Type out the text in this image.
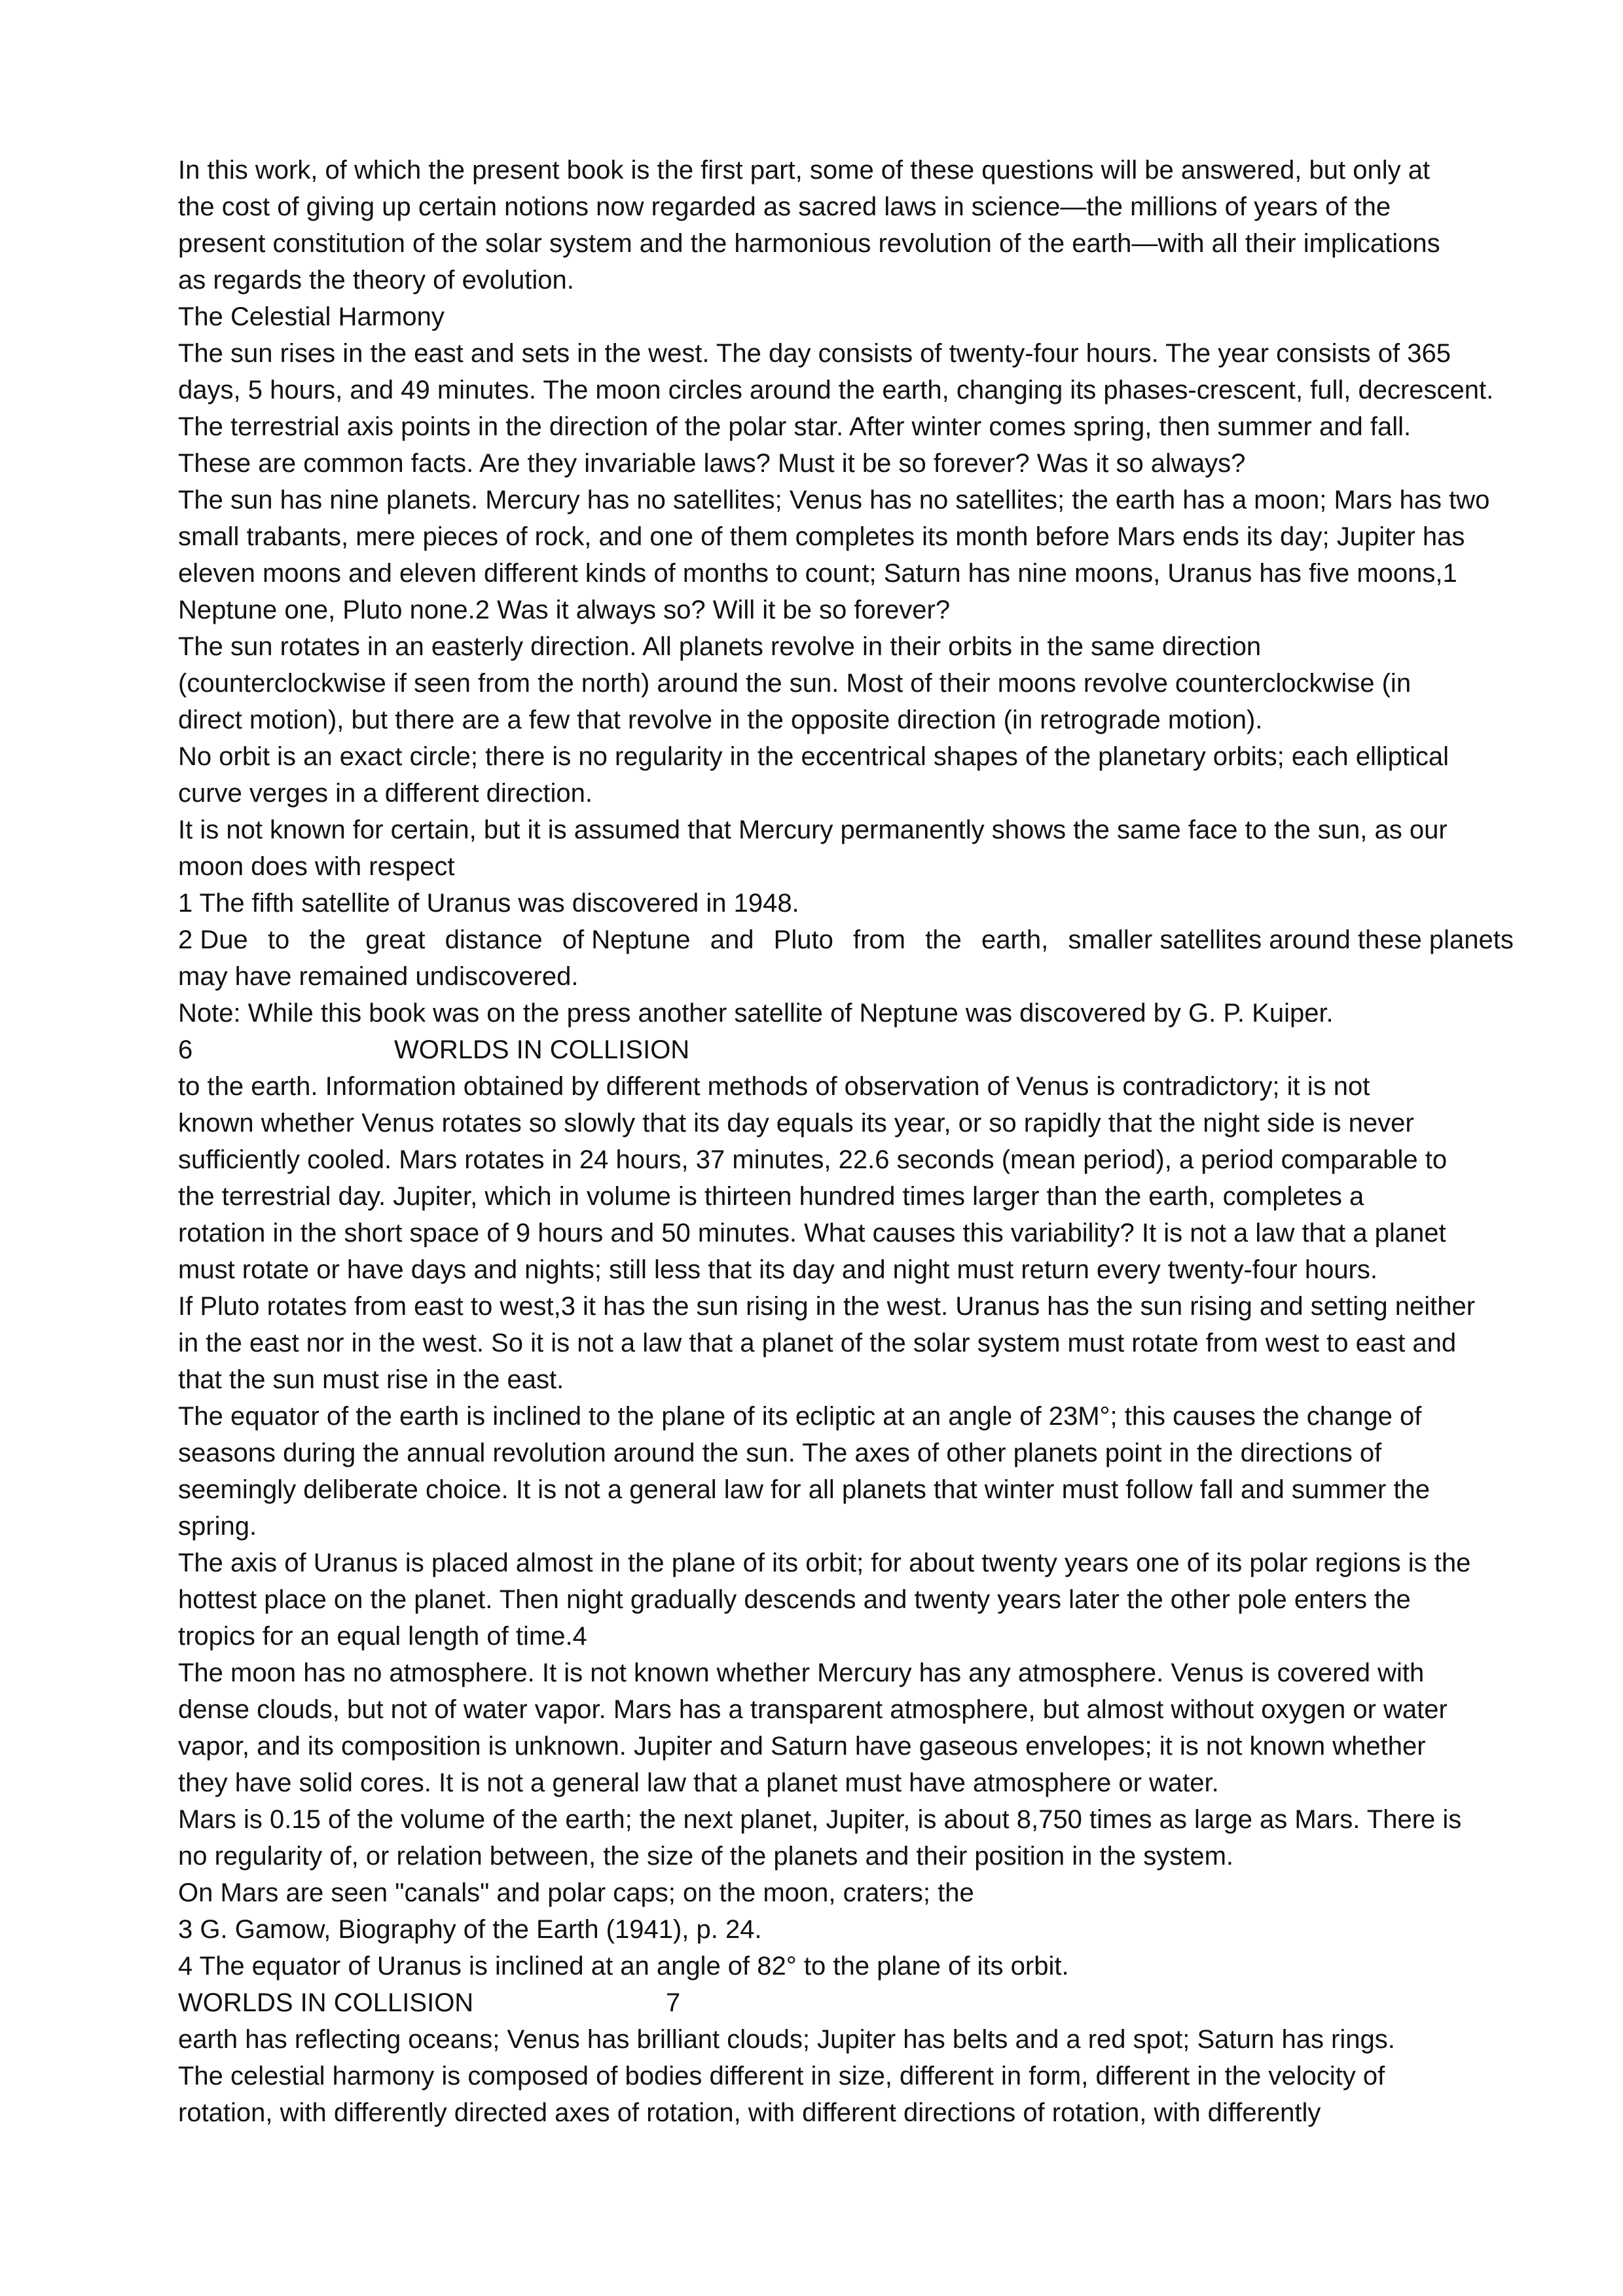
In this work, of which the present book is the first part, some of these questions will be answered, but only at
the cost of giving up certain notions now regarded as sacred laws in science—the millions of years of the
present constitution of the solar system and the harmonious revolution of the earth—with all their implications
as regards the theory of evolution.
The Celestial Harmony
The sun rises in the east and sets in the west. The day consists of twenty-four hours. The year consists of 365
days, 5 hours, and 49 minutes. The moon circles around the earth, changing its phases-crescent, full, decrescent.
The terrestrial axis points in the direction of the polar star. After winter comes spring, then summer and fall.
These are common facts. Are they invariable laws? Must it be so forever? Was it so always?
The sun has nine planets. Mercury has no satellites; Venus has no satellites; the earth has a moon; Mars has two
small trabants, mere pieces of rock, and one of them completes its month before Mars ends its day; Jupiter has
eleven moons and eleven different kinds of months to count; Saturn has nine moons, Uranus has five moons,1
Neptune one, Pluto none.2 Was it always so? Will it be so forever?
The sun rotates in an easterly direction. All planets revolve in their orbits in the same direction
(counterclockwise if seen from the north) around the sun. Most of their moons revolve counterclockwise (in
direct motion), but there are a few that revolve in the opposite direction (in retrograde motion).
No orbit is an exact circle; there is no regularity in the eccentrical shapes of the planetary orbits; each elliptical
curve verges in a different direction.
It is not known for certain, but it is assumed that Mercury permanently shows the same face to the sun, as our
moon does with respect
1 The fifth satellite of Uranus was discovered in 1948.
2 Due to the great distance of Neptune and Pluto from the earth, smaller satellites around these planets
may have remained undiscovered.
Note: While this book was on the press another satellite of Neptune was discovered by G. P. Kuiper.

6

	WORLDS IN COLLISION

to the earth. Information obtained by different methods of observation of Venus is contradictory; it is not
known whether Venus rotates so slowly that its day equals its year, or so rapidly that the night side is never
sufficiently cooled. Mars rotates in 24 hours, 37 minutes, 22.6 seconds (mean period), a period comparable to
the terrestrial day. Jupiter, which in volume is thirteen hundred times larger than the earth, completes a
rotation in the short space of 9 hours and 50 minutes. What causes this variability? It is not a law that a planet
must rotate or have days and nights; still less that its day and night must return every twenty-four hours.
If Pluto rotates from east to west,3 it has the sun rising in the west. Uranus has the sun rising and setting neither
in the east nor in the west. So it is not a law that a planet of the solar system must rotate from west to east and
that the sun must rise in the east.
The equator of the earth is inclined to the plane of its ecliptic at an angle of 23M°; this causes the change of
seasons during the annual revolution around the sun. The axes of other planets point in the directions of
seemingly deliberate choice. It is not a general law for all planets that winter must follow fall and summer the
spring.
The axis of Uranus is placed almost in the plane of its orbit; for about twenty years one of its polar regions is the
hottest place on the planet. Then night gradually descends and twenty years later the other pole enters the
tropics for an equal length of time.4
The moon has no atmosphere. It is not known whether Mercury has any atmosphere. Venus is covered with
dense clouds, but not of water vapor. Mars has a transparent atmosphere, but almost without oxygen or water
vapor, and its composition is unknown. Jupiter and Saturn have gaseous envelopes; it is not known whether
they have solid cores. It is not a general law that a planet must have atmosphere or water.
Mars is 0.15 of the volume of the earth; the next planet, Jupiter, is about 8,750 times as large as Mars. There is
no regularity of, or relation between, the size of the planets and their position in the system.
On Mars are seen "canals" and polar caps; on the moon, craters; the
3 G. Gamow, Biography of the Earth (1941), p. 24.
4 The equator of Uranus is inclined at an angle of 82° to the plane of its orbit.

WORLDS IN COLLISION

	7

earth has reflecting oceans; Venus has brilliant clouds; Jupiter has belts and a red spot; Saturn has rings.
The celestial harmony is composed of bodies different in size, different in form, different in the velocity of
rotation, with differently directed axes of rotation, with different directions of rotation, with differently
